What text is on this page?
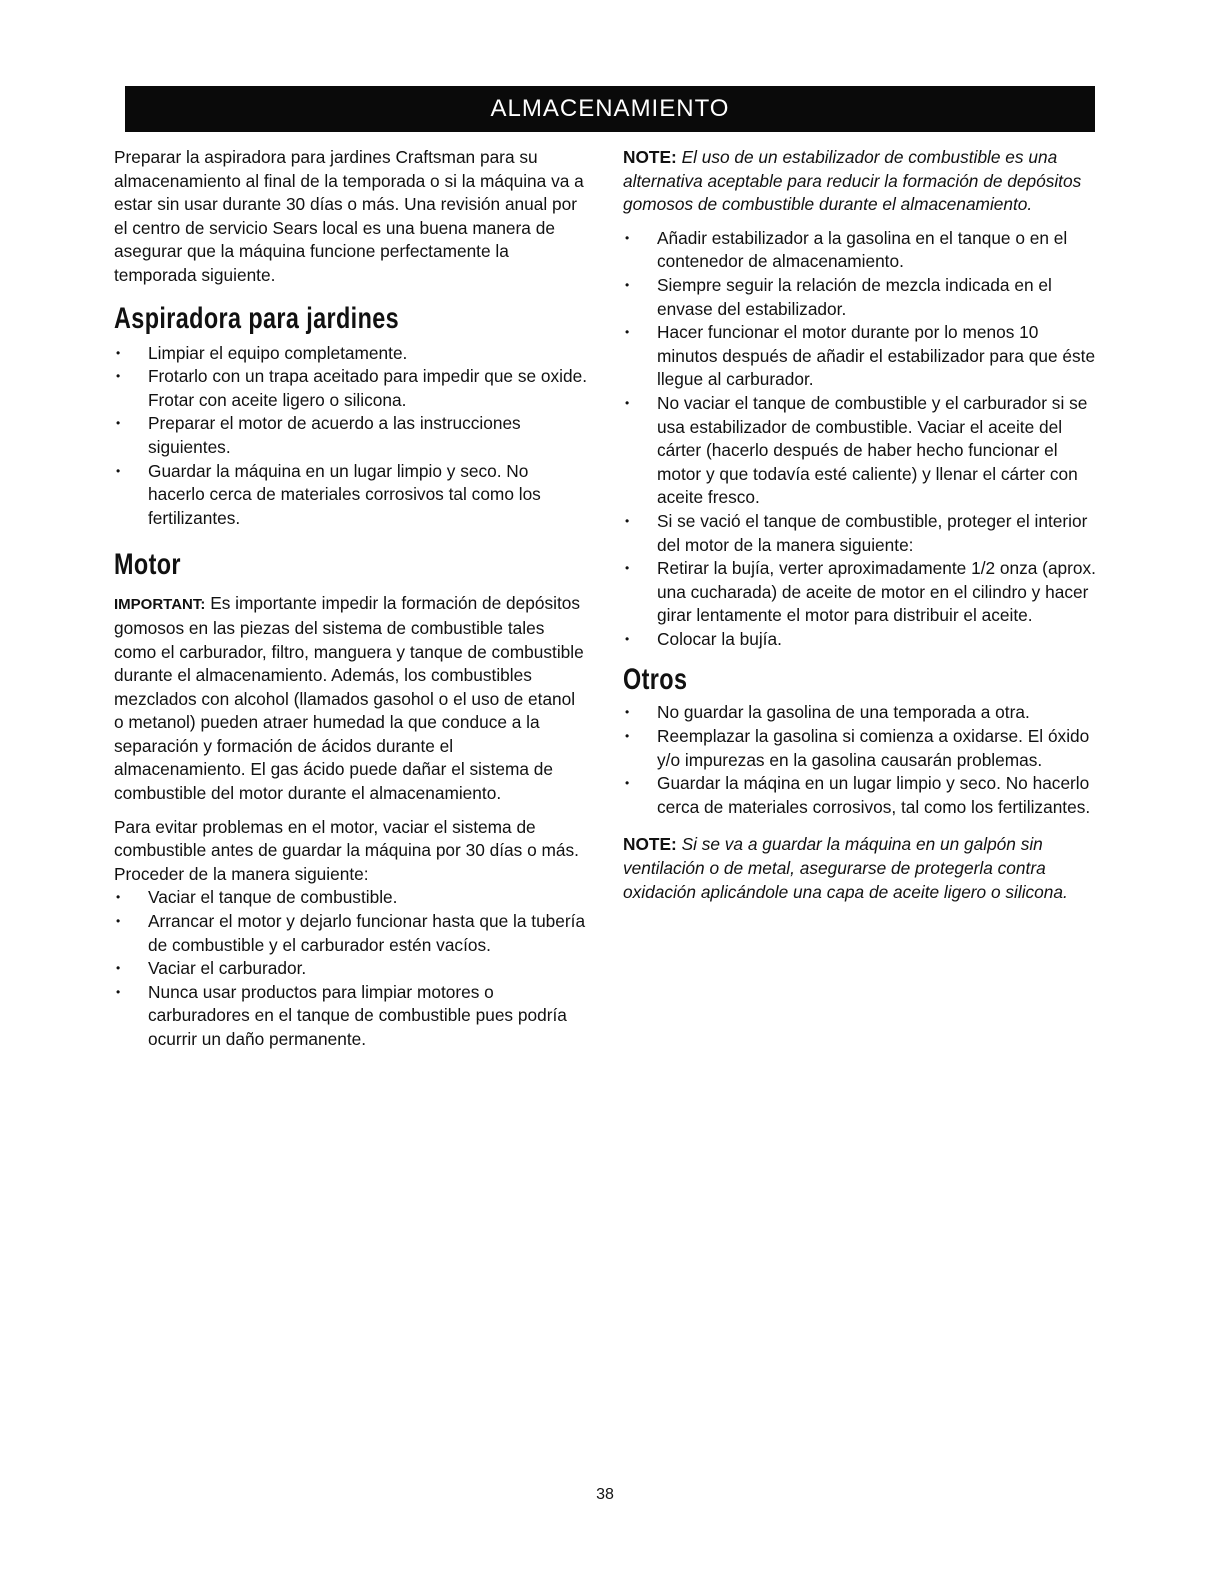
ALMACENAMIENTO

Preparar la aspiradora para jardines Craftsman para su almacenamiento al final de la temporada o si la máquina va a estar sin usar durante 30 días o más. Una revisión anual por el centro de servicio Sears local es una buena manera de asegurar que la máquina funcione perfectamente la temporada siguiente.

Aspiradora para jardines
• Limpiar el equipo completamente.
• Frotarlo con un trapa aceitado para impedir que se oxide. Frotar con aceite ligero o silicona.
• Preparar el motor de acuerdo a las instrucciones siguientes.
• Guardar la máquina en un lugar limpio y seco. No hacerlo cerca de materiales corrosivos tal como los fertilizantes.
Motor

IMPORTANT: Es importante impedir la formación de depósitos gomosos en las piezas del sistema de combustible tales como el carburador, filtro, manguera y tanque de combustible durante el almacenamiento. Además, los combustibles mezclados con alcohol (llamados gasohol o el uso de etanol o metanol) pueden atraer humedad la que conduce a la separación y formación de ácidos durante el almacenamiento. El gas ácido puede dañar el sistema de combustible del motor durante el almacenamiento.

Para evitar problemas en el motor, vaciar el sistema de combustible antes de guardar la máquina por 30 días o más. Proceder de la manera siguiente:

• Vaciar el tanque de combustible.
• Arrancar el motor y dejarlo funcionar hasta que la tubería de combustible y el carburador estén vacíos.
• Vaciar el carburador.
• Nunca usar productos para limpiar motores o carburadores en el tanque de combustible pues podría ocurrir un daño permanente.

NOTE: El uso de un estabilizador de combustible es una alternativa aceptable para reducir la formación de depósitos gomosos de combustible durante el almacenamiento.

• Añadir estabilizador a la gasolina en el tanque o en el contenedor de almacenamiento.
• Siempre seguir la relación de mezcla indicada en el envase del estabilizador.
• Hacer funcionar el motor durante por lo menos 10 minutos después de añadir el estabilizador para que éste llegue al carburador.
• No vaciar el tanque de combustible y el carburador si se usa estabilizador de combustible. Vaciar el aceite del cárter (hacerlo después de haber hecho funcionar el motor y que todavía esté caliente) y llenar el cárter con aceite fresco.
• Si se vació el tanque de combustible, proteger el interior del motor de la manera siguiente:
• Retirar la bujía, verter aproximadamente 1/2 onza (aprox. una cucharada) de aceite de motor en el cilindro y hacer girar lentamente el motor para distribuir el aceite.
• Colocar la bujía.
Otros
• No guardar la gasolina de una temporada a otra.
• Reemplazar la gasolina si comienza a oxidarse. El óxido y/o impurezas en la gasolina causarán problemas.
• Guardar la máqina en un lugar limpio y seco. No hacerlo cerca de materiales corrosivos, tal como los fertilizantes.

NOTE: Si se va a guardar la máquina en un galpón sin ventilación o de metal, asegurarse de protegerla contra oxidación aplicándole una capa de aceite ligero o silicona.

38
